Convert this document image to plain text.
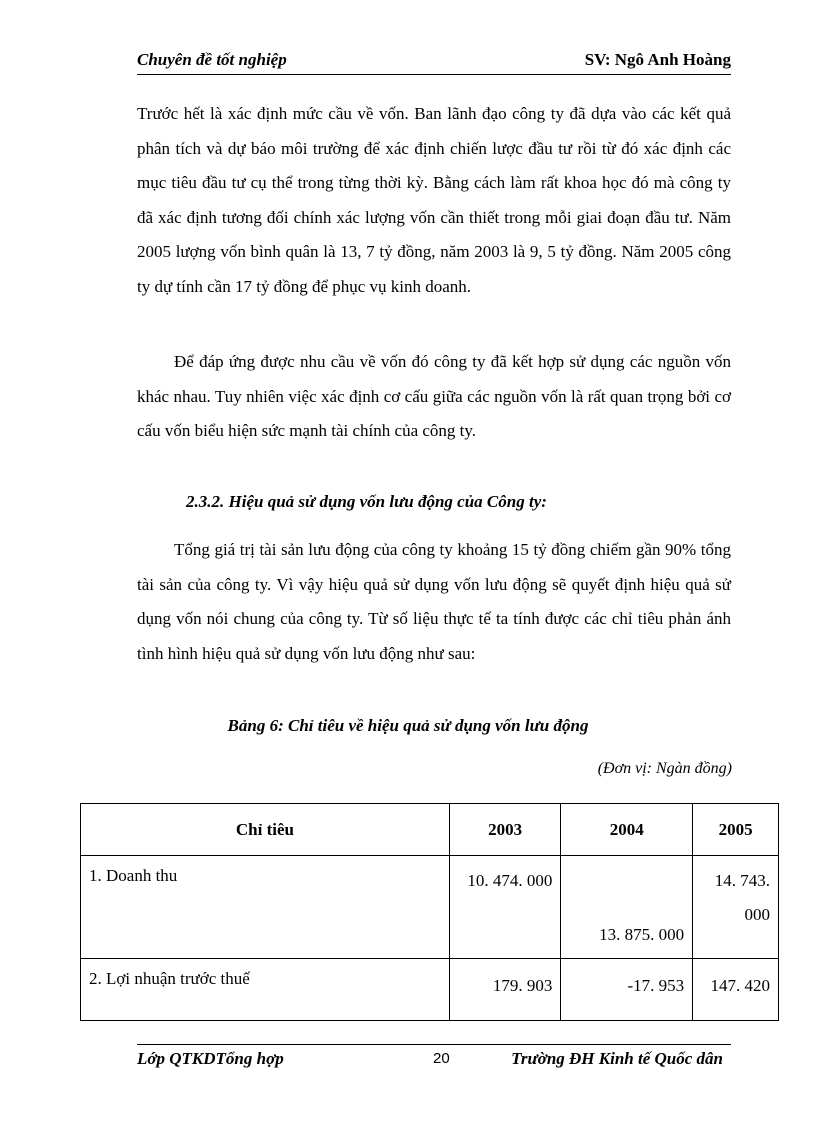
Chuyên đề tốt nghiệp	SV: Ngô Anh Hoàng

Trước hết là xác định mức cầu về vốn. Ban lãnh đạo công ty đã dựa vào các kết quả phân tích và dự báo môi trường để xác định chiến lược đầu tư rồi từ đó xác định các mục tiêu đầu tư cụ thể trong từng thời kỳ. Bằng cách làm rất khoa học đó mà công ty đã xác định tương đối chính xác lượng vốn cần thiết trong mỗi giai đoạn đầu tư. Năm 2005 lượng vốn bình quân là 13, 7 tỷ đồng, năm 2003 là 9, 5 tỷ đồng. Năm 2005 công ty dự tính cần 17 tỷ đồng để phục vụ kinh doanh.

Để đáp ứng được nhu cầu về vốn đó công ty đã kết hợp sử dụng các nguồn vốn khác nhau. Tuy nhiên việc xác định cơ cấu giữa các nguồn vốn là rất quan trọng bởi cơ cấu vốn biểu hiện sức mạnh tài chính của công ty.

2.3.2. Hiệu quả sử dụng vốn lưu động của Công ty:

Tổng giá trị tài sản lưu động của công ty khoảng 15 tỷ đồng chiếm gần 90% tổng tài sản của công ty. Vì vậy hiệu quả sử dụng vốn lưu động sẽ quyết định hiệu quả sử dụng vốn nói chung của công ty. Từ số liệu thực tế ta tính được các chỉ tiêu phản ánh tình hình hiệu quả sử dụng vốn lưu động như sau:

Bảng 6: Chỉ tiêu về hiệu quả sử dụng vốn lưu động
(Đơn vị: Ngàn đồng)
Chỉ tiêu	2003	2004	2005
1. Doanh thu	10. 474. 000	13. 875. 000	14. 743. 000
2. Lợi nhuận trước thuế	179. 903	-17. 953	147. 420
Lớp QTKDTổng hợp	20	Trường ĐH Kinh tế Quốc dân
